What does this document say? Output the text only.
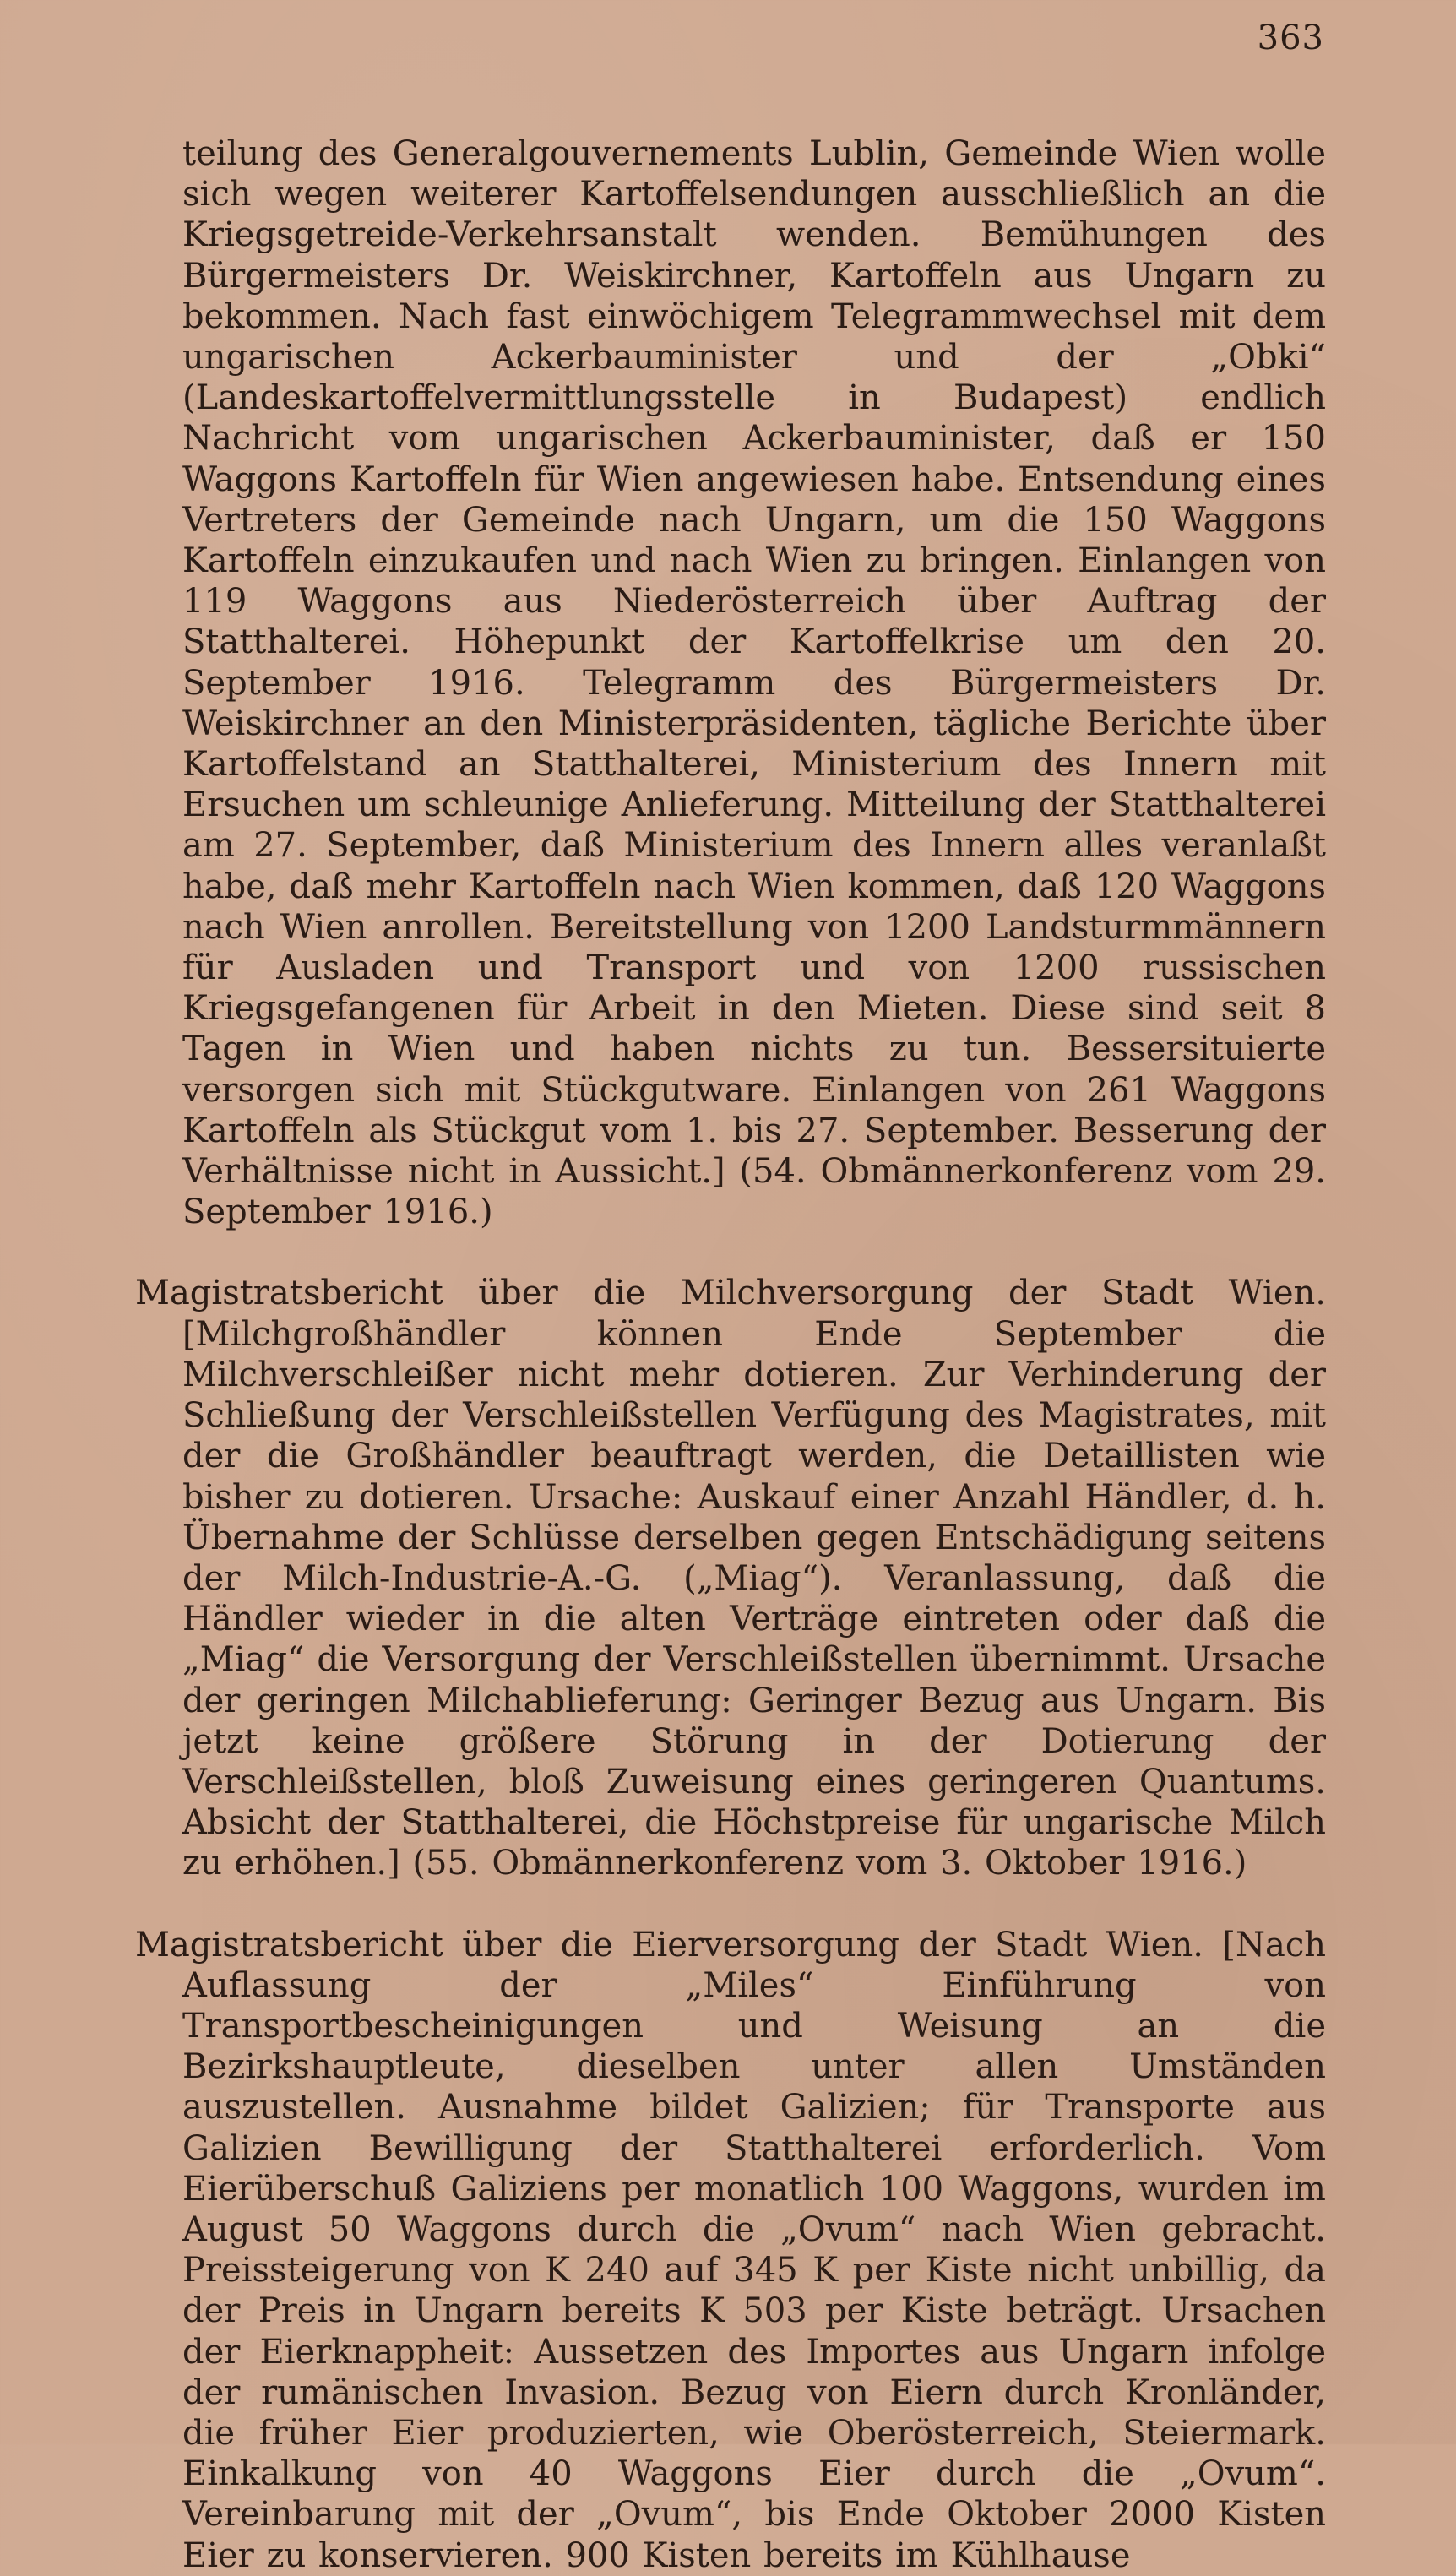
363

teilung des Generalgouvernements Lublin, Gemeinde Wien wolle sich wegen weiterer Kartoffelsendungen ausschließlich an die Kriegsgetreide-Verkehrsanstalt wenden. Bemühungen des Bürgermeisters Dr. Weiskirchner, Kartoffeln aus Ungarn zu bekommen. Nach fast einwöchigem Telegrammwechsel mit dem ungarischen Ackerbauminister und der „Obki“ (Landeskartoffelvermittlungsstelle in Budapest) endlich Nachricht vom ungarischen Ackerbauminister, daß er 150 Waggons Kartoffeln für Wien angewiesen habe. Entsendung eines Vertreters der Gemeinde nach Ungarn, um die 150 Waggons Kartoffeln einzukaufen und nach Wien zu bringen. Einlangen von 119 Waggons aus Niederösterreich über Auftrag der Statthalterei. Höhepunkt der Kartoffelkrise um den 20. September 1916. Telegramm des Bürgermeisters Dr. Weiskirchner an den Ministerpräsidenten, tägliche Berichte über Kartoffelstand an Statthalterei, Ministerium des Innern mit Ersuchen um schleunige Anlieferung. Mitteilung der Statthalterei am 27. September, daß Ministerium des Innern alles veranlaßt habe, daß mehr Kartoffeln nach Wien kommen, daß 120 Waggons nach Wien anrollen. Bereitstellung von 1200 Landsturmmännern für Ausladen und Transport und von 1200 russischen Kriegsgefangenen für Arbeit in den Mieten. Diese sind seit 8 Tagen in Wien und haben nichts zu tun. Bessersituierte versorgen sich mit Stückgutware. Einlangen von 261 Waggons Kartoffeln als Stückgut vom 1. bis 27. September. Besserung der Verhältnisse nicht in Aussicht.] (54. Obmännerkonferenz vom 29. September 1916.)

Magistratsbericht über die Milchversorgung der Stadt Wien. [Milchgroßhändler können Ende September die Milchverschleißer nicht mehr dotieren. Zur Verhinderung der Schließung der Verschleißstellen Verfügung des Magistrates, mit der die Großhändler beauftragt werden, die Detaillisten wie bisher zu dotieren. Ursache: Auskauf einer Anzahl Händler, d. h. Übernahme der Schlüsse derselben gegen Entschädigung seitens der Milch-Industrie-A.-G. („Miag“). Veranlassung, daß die Händler wieder in die alten Verträge eintreten oder daß die „Miag“ die Versorgung der Verschleißstellen übernimmt. Ursache der geringen Milchablieferung: Geringer Bezug aus Ungarn. Bis jetzt keine größere Störung in der Dotierung der Verschleißstellen, bloß Zuweisung eines geringeren Quantums. Absicht der Statthalterei, die Höchstpreise für ungarische Milch zu erhöhen.] (55. Obmännerkonferenz vom 3. Oktober 1916.)

Magistratsbericht über die Eierversorgung der Stadt Wien. [Nach Auflassung der „Miles“ Einführung von Transportbescheinigungen und Weisung an die Bezirkshauptleute, dieselben unter allen Umständen auszustellen. Ausnahme bildet Galizien; für Transporte aus Galizien Bewilligung der Statthalterei erforderlich. Vom Eierüberschuß Galiziens per monatlich 100 Waggons, wurden im August 50 Waggons durch die „Ovum“ nach Wien gebracht. Preissteigerung von K 240 auf 345 K per Kiste nicht unbillig, da der Preis in Ungarn bereits K 503 per Kiste beträgt. Ursachen der Eierknappheit: Aussetzen des Importes aus Ungarn infolge der rumänischen Invasion. Bezug von Eiern durch Kronländer, die früher Eier produzierten, wie Oberösterreich, Steiermark. Einkalkung von 40 Waggons Eier durch die „Ovum“. Vereinbarung mit der „Ovum“, bis Ende Oktober 2000 Kisten Eier zu konservieren. 900 Kisten bereits im Kühlhause
